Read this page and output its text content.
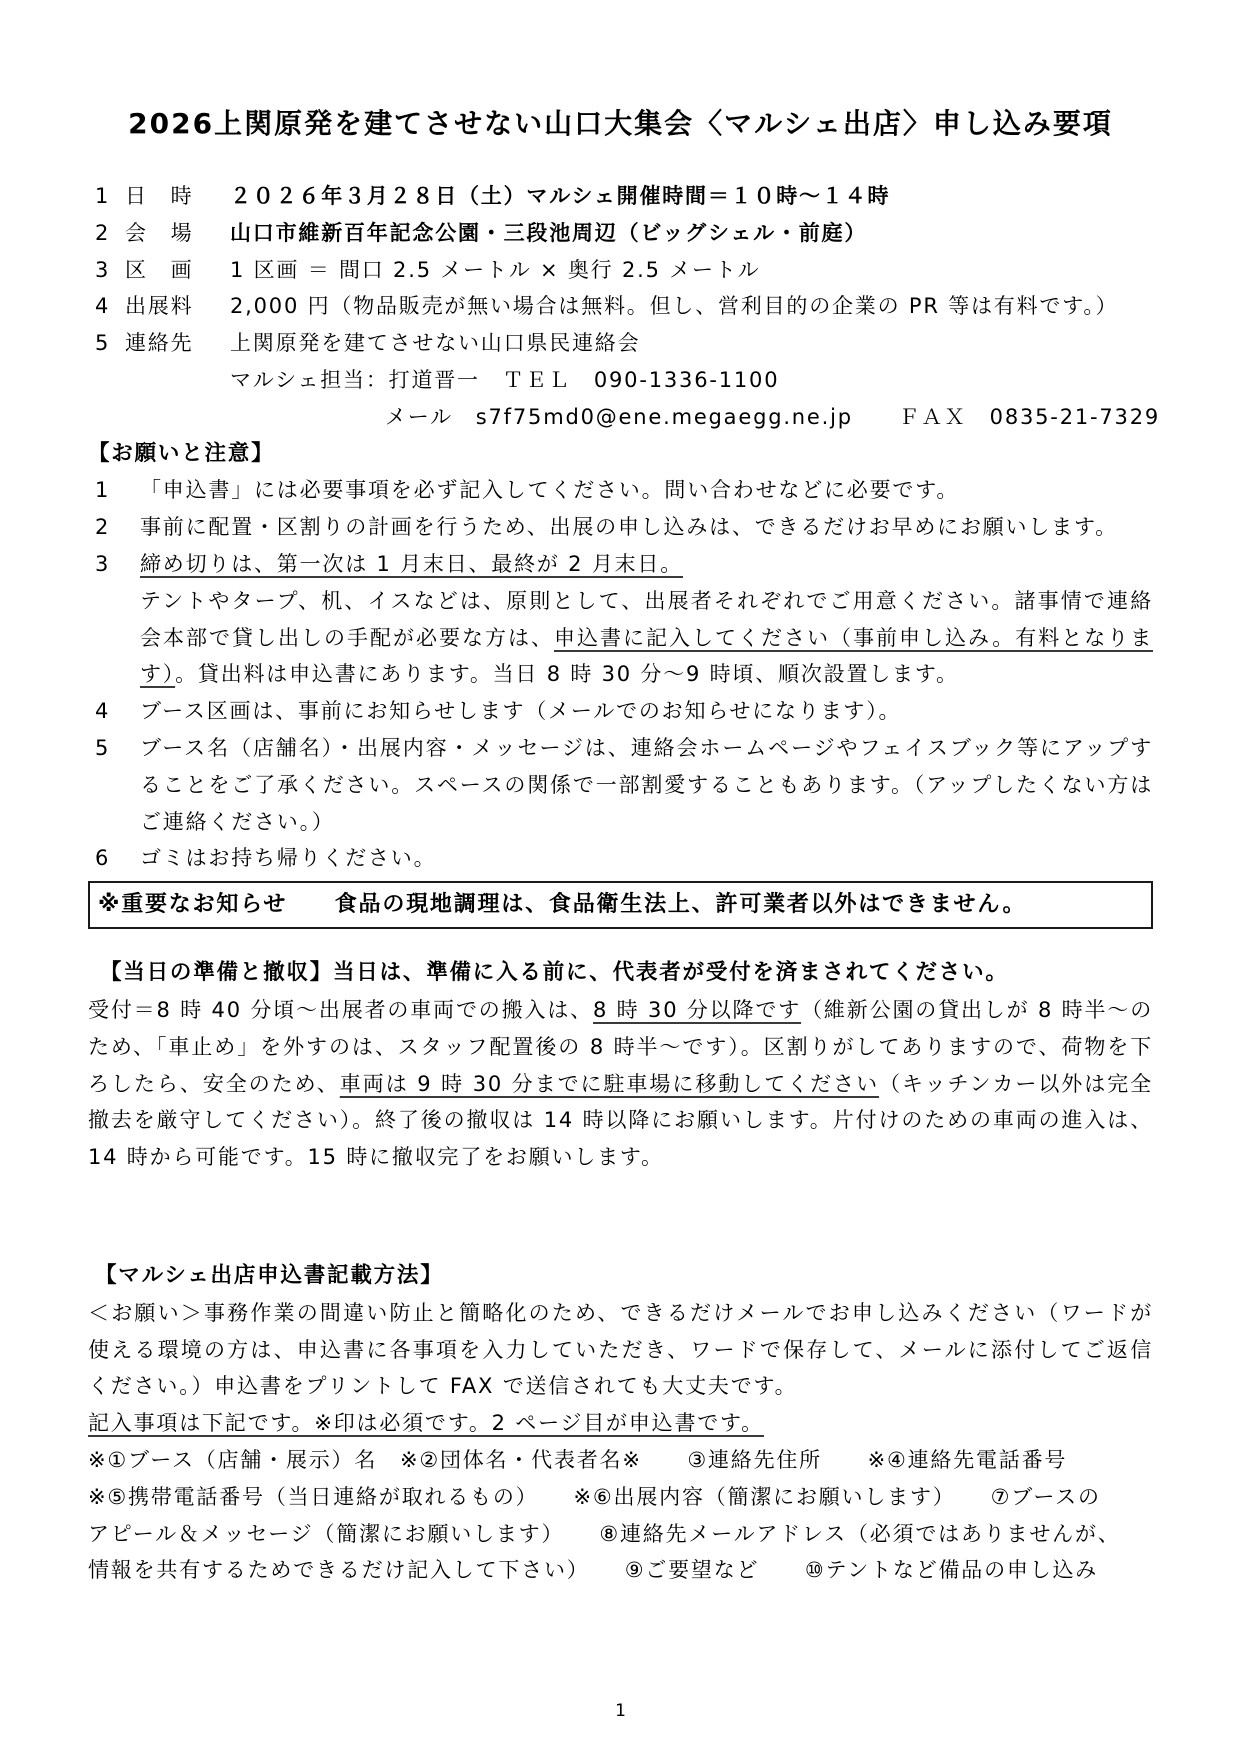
2026上関原発を建てさせない山口大集会〈マルシェ出店〉申し込み要項
1 日　時	２０２６年３月２８日（土）マルシェ開催時間＝１０時～１４時
2 会　場	山口市維新百年記念公園・三段池周辺（ビッグシェル・前庭）
3 区　画	1 区画 ＝ 間口 2.5 メートル × 奥行 2.5 メートル
4 出展料	2,000 円（物品販売が無い場合は無料。但し、営利目的の企業の PR 等は有料です。）
5 連絡先	上関原発を建てさせない山口県民連絡会
マルシェ担当：打道晋一　ＴＥＬ　090-1336-1100
メール　s7f75md0@ene.megaegg.ne.jp　　ＦＡＸ　0835-21-7329
【お願いと注意】
1	「申込書」には必要事項を必ず記入してください。問い合わせなどに必要です。
2	事前に配置・区割りの計画を行うため、出展の申し込みは、できるだけお早めにお願いします。
3	締め切りは、第一次は 1 月末日、最終が 2 月末日。
テントやタープ、机、イスなどは、原則として、出展者それぞれでご用意ください。諸事情で連絡会本部で貸し出しの手配が必要な方は、申込書に記入してください（事前申し込み。有料となります）。貸出料は申込書にあります。当日 8 時 30 分～9 時頃、順次設置します。
4	ブース区画は、事前にお知らせします（メールでのお知らせになります）。
5	ブース名（店舗名）・出展内容・メッセージは、連絡会ホームページやフェイスブック等にアップすることをご了承ください。スペースの関係で一部割愛することもあります。（アップしたくない方はご連絡ください。）
6	ゴミはお持ち帰りください。
※重要なお知らせ　　食品の現地調理は、食品衛生法上、許可業者以外はできません。
【当日の準備と撤収】当日は、準備に入る前に、代表者が受付を済まされてください。

受付＝8 時 40 分頃～出展者の車両での搬入は、8 時 30 分以降です（維新公園の貸出しが 8 時半～のため、「車止め」を外すのは、スタッフ配置後の 8 時半～です）。区割りがしてありますので、荷物を下ろしたら、安全のため、車両は 9 時 30 分までに駐車場に移動してください（キッチンカー以外は完全撤去を厳守してください）。終了後の撤収は 14 時以降にお願いします。片付けのための車両の進入は、14 時から可能です。15 時に撤収完了をお願いします。

【マルシェ出店申込書記載方法】

＜お願い＞事務作業の間違い防止と簡略化のため、できるだけメールでお申し込みください（ワードが使える環境の方は、申込書に各事項を入力していただき、ワードで保存して、メールに添付してご返信ください。）申込書をプリントして FAX で送信されても大丈夫です。

記入事項は下記です。※印は必須です。2 ページ目が申込書です。
※①ブース（店舗・展示）名　※②団体名・代表者名※　　③連絡先住所　　※④連絡先電話番号
※⑤携帯電話番号（当日連絡が取れるもの）　　※⑥出展内容（簡潔にお願いします）　　⑦ブースの
アピール＆メッセージ（簡潔にお願いします）　　⑧連絡先メールアドレス（必須ではありませんが、
情報を共有するためできるだけ記入して下さい）　　⑨ご要望など　　⑩テントなど備品の申し込み
1
